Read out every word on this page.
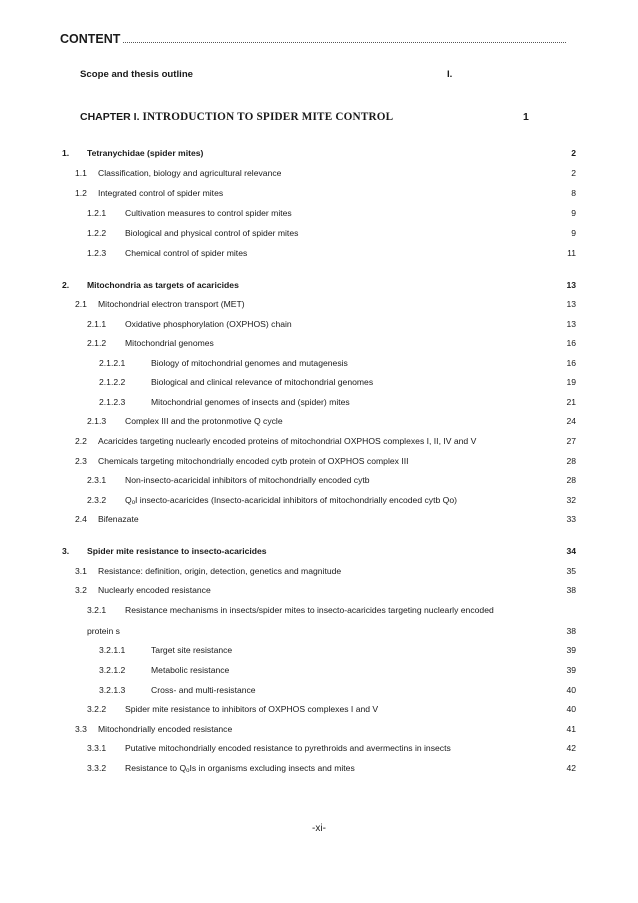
CONTENT
Scope and thesis outline	I.
CHAPTER I. INTRODUCTION TO SPIDER MITE CONTROL	1
1. Tetranychidae (spider mites)	2
1.1 Classification, biology and agricultural relevance	2
1.2 Integrated control of spider mites	8
1.2.1 Cultivation measures to control spider mites	9
1.2.2 Biological and physical control of spider mites	9
1.2.3 Chemical control of spider mites	11
2. Mitochondria as targets of acaricides	13
2.1 Mitochondrial electron transport (MET)	13
2.1.1 Oxidative phosphorylation (OXPHOS) chain	13
2.1.2 Mitochondrial genomes	16
2.1.2.1	Biology of mitochondrial genomes and mutagenesis	16
2.1.2.2	Biological and clinical relevance of mitochondrial genomes	19
2.1.2.3	Mitochondrial genomes of insects and (spider) mites	21
2.1.3 Complex III and the protonmotive Q cycle	24
2.2 Acaricides targeting nuclearly encoded proteins of mitochondrial OXPHOS complexes I, II, IV and V	27
2.3 Chemicals targeting mitochondrially encoded cytb protein of OXPHOS complex III	28
2.3.1 Non-insecto-acaricidal inhibitors of mitochondrially encoded cytb	28
2.3.2 $Q_oI$ insecto-acaricides (Insecto-acaricidal inhibitors of mitochondrially encoded cytb Qo)	32
2.4 Bifenazate	33
3. Spider mite resistance to insecto-acaricides	34
3.1 Resistance: definition, origin, detection, genetics and magnitude	35
3.2 Nuclearly encoded resistance	38
3.2.1 Resistance mechanisms in insects/spider mites to insecto-acaricides targeting nuclearly encoded
protein s	38
3.2.1.1	Target site resistance	39
3.2.1.2	Metabolic resistance	39
3.2.1.3	Cross- and multi-resistance	40
3.2.2 Spider mite resistance to inhibitors of OXPHOS complexes I and V	40
3.3 Mitochondrially encoded resistance	41
3.3.1 Putative mitochondrially encoded resistance to pyrethroids and avermectins in insects	42
3.3.2 Resistance to $Q_oIs$ in organisms excluding insects and mites	42
-xi-
